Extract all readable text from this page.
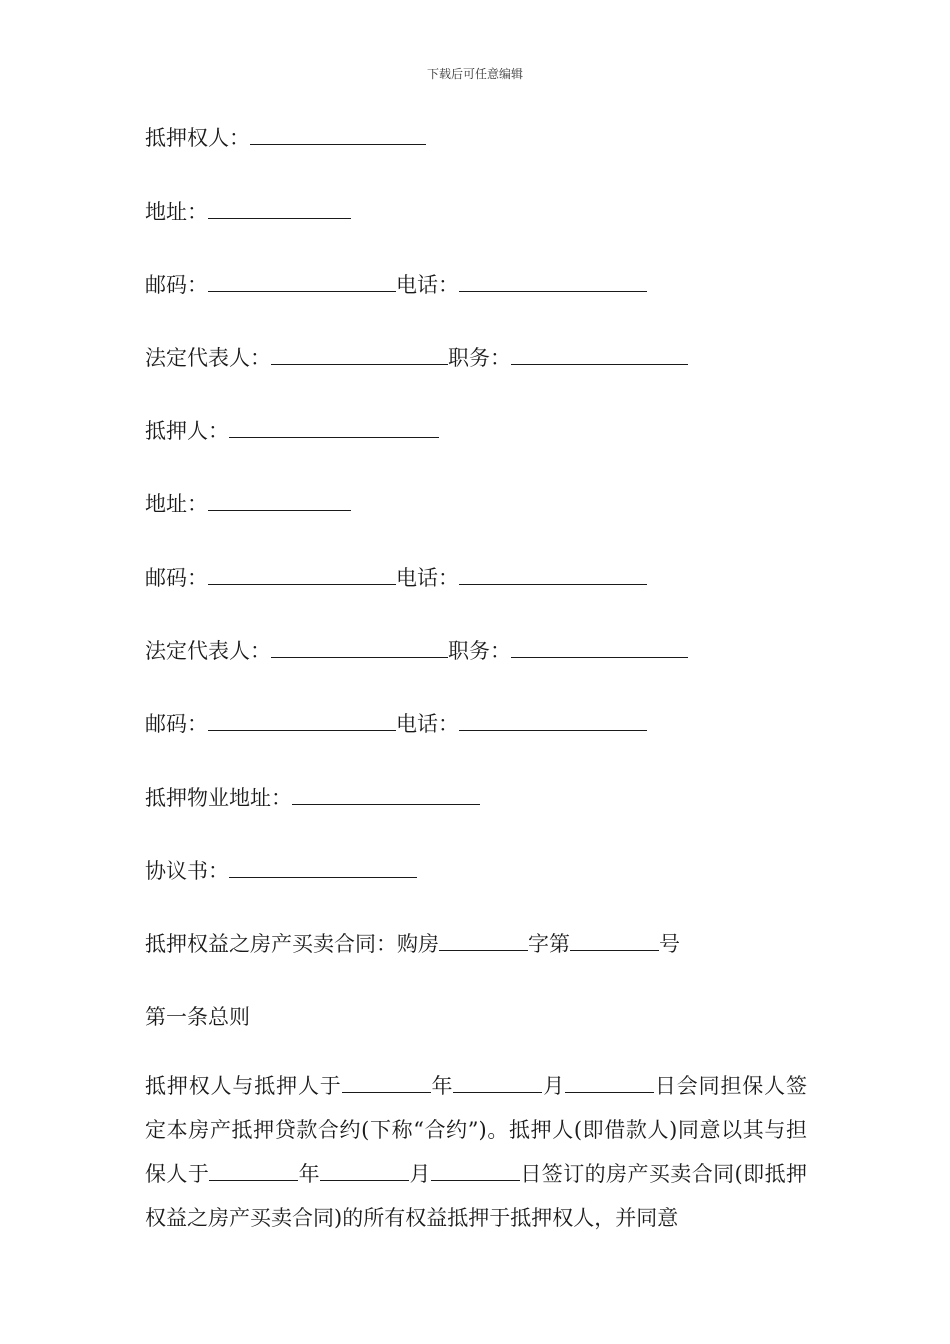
下载后可任意编辑
抵押权人：
地址：
邮码：	电话：
法定代表人：	职务：
抵押人：
地址：
邮码：	电话：
法定代表人：	职务：
邮码：	电话：
抵押物业地址：
协议书：
抵押权益之房产买卖合同：购房	字第	号
第一条总则
抵押权人与抵押人于	年	月	日会同担保人签定本房产抵押贷款合约(下称“合约”)。抵押人(即借款人)同意以其与担保人于	年	月	日签订的房产买卖合同(即抵押权益之房产买卖合同)的所有权益抵押于抵押权人，并同意
